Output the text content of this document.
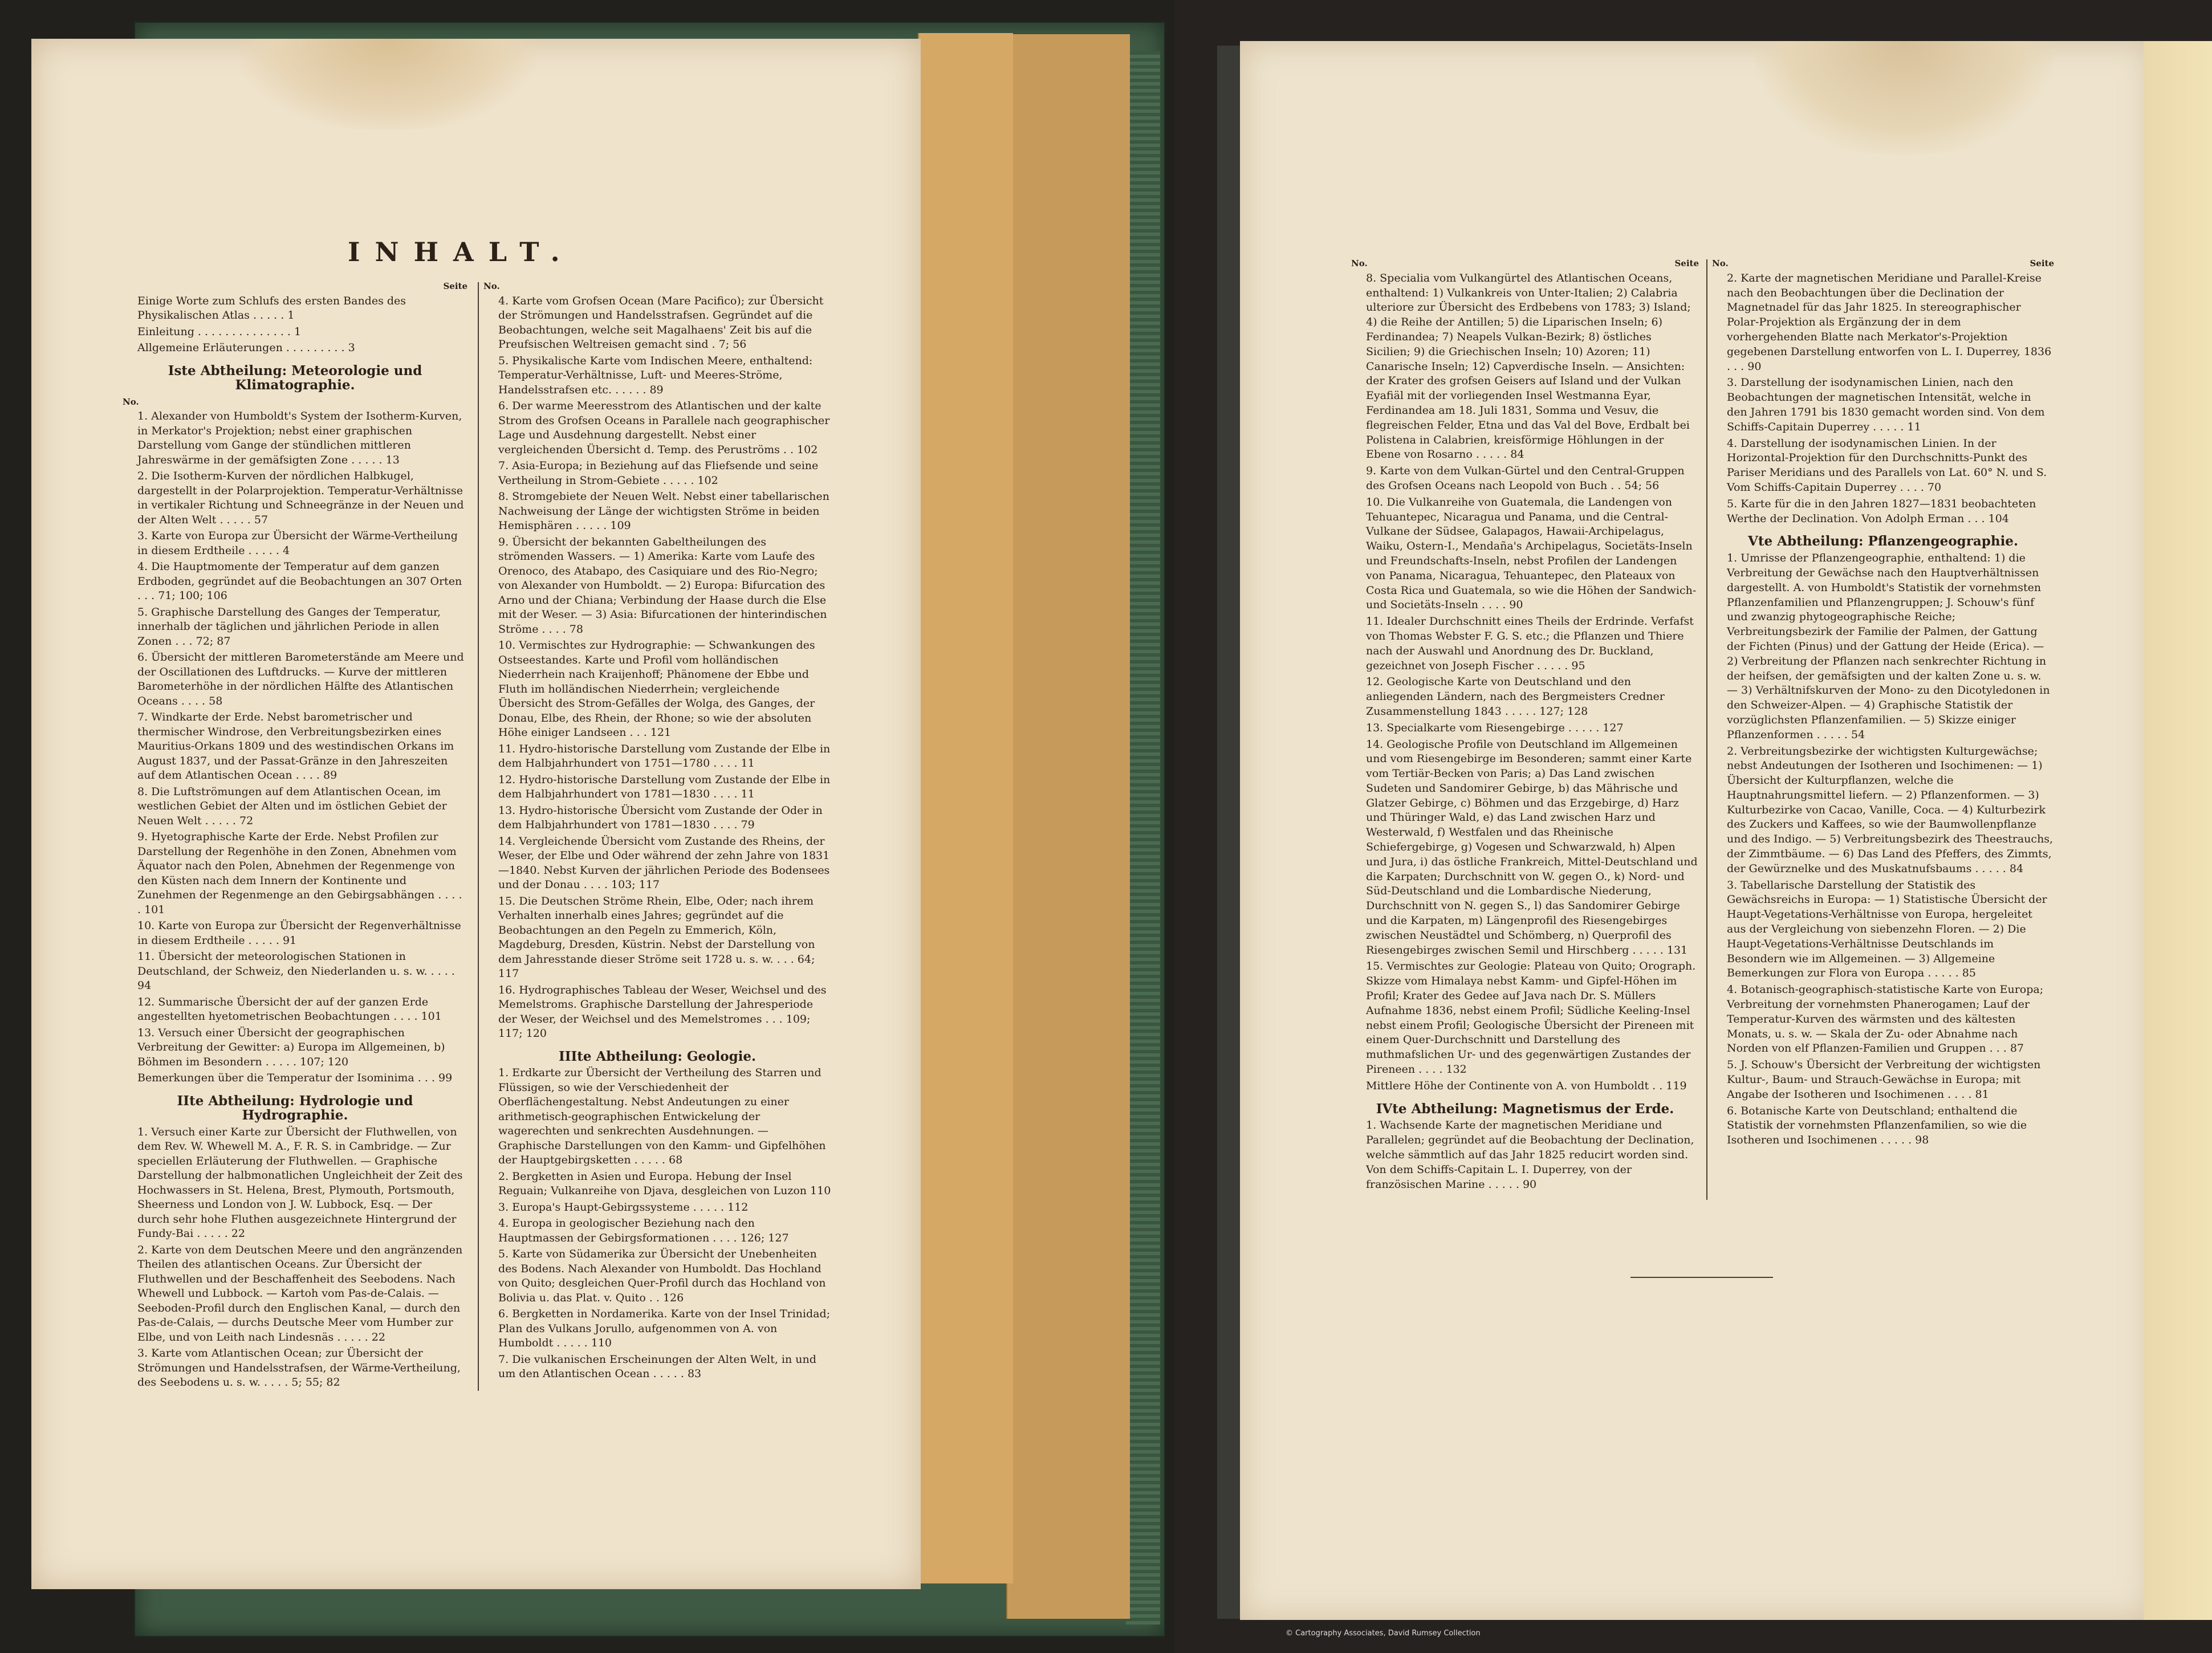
INHALT.
Seite

Einige Worte zum Schlufs des ersten Bandes des Physikalischen Atlas . . . . . 1

Einleitung . . . . . . . . . . . . . . 1

Allgemeine Erläuterungen . . . . . . . . . 3

Iste Abtheilung: Meteorologie und Klimatographie.
No.

1. Alexander von Humboldt's System der Isotherm-Kurven, in Merkator's Projektion; nebst einer graphischen Darstellung vom Gange der stündlichen mittleren Jahreswärme in der gemäfsigten Zone . . . . . 13

2. Die Isotherm-Kurven der nördlichen Halbkugel, dargestellt in der Polarprojektion. Temperatur-Verhältnisse in vertikaler Richtung und Schneegränze in der Neuen und der Alten Welt . . . . . 57

3. Karte von Europa zur Übersicht der Wärme-Vertheilung in diesem Erdtheile . . . . . 4

4. Die Hauptmomente der Temperatur auf dem ganzen Erdboden, gegründet auf die Beobachtungen an 307 Orten . . . 71; 100; 106

5. Graphische Darstellung des Ganges der Temperatur, innerhalb der täglichen und jährlichen Periode in allen Zonen . . . 72; 87

6. Übersicht der mittleren Barometerstände am Meere und der Oscillationen des Luftdrucks. — Kurve der mittleren Barometerhöhe in der nördlichen Hälfte des Atlantischen Oceans . . . . 58

7. Windkarte der Erde. Nebst barometrischer und thermischer Windrose, den Verbreitungsbezirken eines Mauritius-Orkans 1809 und des westindischen Orkans im August 1837, und der Passat-Gränze in den Jahreszeiten auf dem Atlantischen Ocean . . . . 89

8. Die Luftströmungen auf dem Atlantischen Ocean, im westlichen Gebiet der Alten und im östlichen Gebiet der Neuen Welt . . . . . 72

9. Hyetographische Karte der Erde. Nebst Profilen zur Darstellung der Regenhöhe in den Zonen, Abnehmen vom Äquator nach den Polen, Abnehmen der Regenmenge von den Küsten nach dem Innern der Kontinente und Zunehmen der Regenmenge an den Gebirgsabhängen . . . . . 101

10. Karte von Europa zur Übersicht der Regenverhältnisse in diesem Erdtheile . . . . . 91

11. Übersicht der meteorologischen Stationen in Deutschland, der Schweiz, den Niederlanden u. s. w. . . . . 94

12. Summarische Übersicht der auf der ganzen Erde angestellten hyetometrischen Beobachtungen . . . . 101

13. Versuch einer Übersicht der geographischen Verbreitung der Gewitter: a) Europa im Allgemeinen, b) Böhmen im Besondern . . . . . 107; 120

Bemerkungen über die Temperatur der Isominima . . . 99

IIte Abtheilung: Hydrologie und Hydrographie.

1. Versuch einer Karte zur Übersicht der Fluthwellen, von dem Rev. W. Whewell M. A., F. R. S. in Cambridge. — Zur speciellen Erläuterung der Fluthwellen. — Graphische Darstellung der halbmonatlichen Ungleichheit der Zeit des Hochwassers in St. Helena, Brest, Plymouth, Portsmouth, Sheerness und London von J. W. Lubbock, Esq. — Der durch sehr hohe Fluthen ausgezeichnete Hintergrund der Fundy-Bai . . . . . 22

2. Karte von dem Deutschen Meere und den angränzenden Theilen des atlantischen Oceans. Zur Übersicht der Fluthwellen und der Beschaffenheit des Seebodens. Nach Whewell und Lubbock. — Kartoh vom Pas-de-Calais. — Seeboden-Profil durch den Englischen Kanal, — durch den Pas-de-Calais, — durchs Deutsche Meer vom Humber zur Elbe, und von Leith nach Lindesnäs . . . . . 22

3. Karte vom Atlantischen Ocean; zur Übersicht der Strömungen und Handelsstrafsen, der Wärme-Vertheilung, des Seebodens u. s. w. . . . . 5; 55; 82

No.

4. Karte vom Grofsen Ocean (Mare Pacifico); zur Übersicht der Strömungen und Handelsstrafsen. Gegründet auf die Beobachtungen, welche seit Magalhaens' Zeit bis auf die Preufsischen Weltreisen gemacht sind . 7; 56

5. Physikalische Karte vom Indischen Meere, enthaltend: Temperatur-Verhältnisse, Luft- und Meeres-Ströme, Handelsstrafsen etc. . . . . . 89

6. Der warme Meeresstrom des Atlantischen und der kalte Strom des Grofsen Oceans in Parallele nach geographischer Lage und Ausdehnung dargestellt. Nebst einer vergleichenden Übersicht d. Temp. des Peruströms . . 102

7. Asia-Europa; in Beziehung auf das Fliefsende und seine Vertheilung in Strom-Gebiete . . . . . 102

8. Stromgebiete der Neuen Welt. Nebst einer tabellarischen Nachweisung der Länge der wichtigsten Ströme in beiden Hemisphären . . . . . 109

9. Übersicht der bekannten Gabeltheilungen des strömenden Wassers. — 1) Amerika: Karte vom Laufe des Orenoco, des Atabapo, des Casiquiare und des Rio-Negro; von Alexander von Humboldt. — 2) Europa: Bifurcation des Arno und der Chiana; Verbindung der Haase durch die Else mit der Weser. — 3) Asia: Bifurcationen der hinterindischen Ströme . . . . 78

10. Vermischtes zur Hydrographie: — Schwankungen des Ostseestandes. Karte und Profil vom holländischen Niederrhein nach Kraijenhoff; Phänomene der Ebbe und Fluth im holländischen Niederrhein; vergleichende Übersicht des Strom-Gefälles der Wolga, des Ganges, der Donau, Elbe, des Rhein, der Rhone; so wie der absoluten Höhe einiger Landseen . . . 121

11. Hydro-historische Darstellung vom Zustande der Elbe in dem Halbjahrhundert von 1751—1780 . . . . 11

12. Hydro-historische Darstellung vom Zustande der Elbe in dem Halbjahrhundert von 1781—1830 . . . . 11

13. Hydro-historische Übersicht vom Zustande der Oder in dem Halbjahrhundert von 1781—1830 . . . . 79

14. Vergleichende Übersicht vom Zustande des Rheins, der Weser, der Elbe und Oder während der zehn Jahre von 1831—1840. Nebst Kurven der jährlichen Periode des Bodensees und der Donau . . . . 103; 117

15. Die Deutschen Ströme Rhein, Elbe, Oder; nach ihrem Verhalten innerhalb eines Jahres; gegründet auf die Beobachtungen an den Pegeln zu Emmerich, Köln, Magdeburg, Dresden, Küstrin. Nebst der Darstellung von dem Jahresstande dieser Ströme seit 1728 u. s. w. . . . 64; 117

16. Hydrographisches Tableau der Weser, Weichsel und des Memelstroms. Graphische Darstellung der Jahresperiode der Weser, der Weichsel und des Memelstromes . . . 109; 117; 120

IIIte Abtheilung: Geologie.

1. Erdkarte zur Übersicht der Vertheilung des Starren und Flüssigen, so wie der Verschiedenheit der Oberflächengestaltung. Nebst Andeutungen zu einer arithmetisch-geographischen Entwickelung der wagerechten und senkrechten Ausdehnungen. — Graphische Darstellungen von den Kamm- und Gipfelhöhen der Hauptgebirgsketten . . . . . 68

2. Bergketten in Asien und Europa. Hebung der Insel Reguain; Vulkanreihe von Djava, desgleichen von Luzon 110

3. Europa's Haupt-Gebirgssysteme . . . . . 112

4. Europa in geologischer Beziehung nach den Hauptmassen der Gebirgsformationen . . . . 126; 127

5. Karte von Südamerika zur Übersicht der Unebenheiten des Bodens. Nach Alexander von Humboldt. Das Hochland von Quito; desgleichen Quer-Profil durch das Hochland von Bolivia u. das Plat. v. Quito . . 126

6. Bergketten in Nordamerika. Karte von der Insel Trinidad; Plan des Vulkans Jorullo, aufgenommen von A. von Humboldt . . . . . 110

7. Die vulkanischen Erscheinungen der Alten Welt, in und um den Atlantischen Ocean . . . . . 83

No.	Seite

8. Specialia vom Vulkangürtel des Atlantischen Oceans, enthaltend: 1) Vulkankreis von Unter-Italien; 2) Calabria ulteriore zur Übersicht des Erdbebens von 1783; 3) Island; 4) die Reihe der Antillen; 5) die Liparischen Inseln; 6) Ferdinandea; 7) Neapels Vulkan-Bezirk; 8) östliches Sicilien; 9) die Griechischen Inseln; 10) Azoren; 11) Canarische Inseln; 12) Capverdische Inseln. — Ansichten: der Krater des grofsen Geisers auf Island und der Vulkan Eyafiäl mit der vorliegenden Insel Westmanna Eyar, Ferdinandea am 18. Juli 1831, Somma und Vesuv, die flegreischen Felder, Etna und das Val del Bove, Erdbalt bei Polistena in Calabrien, kreisförmige Höhlungen in der Ebene von Rosarno . . . . . 84

9. Karte von dem Vulkan-Gürtel und den Central-Gruppen des Grofsen Oceans nach Leopold von Buch . . 54; 56

10. Die Vulkanreihe von Guatemala, die Landengen von Tehuantepec, Nicaragua und Panama, und die Central-Vulkane der Südsee, Galapagos, Hawaii-Archipelagus, Waiku, Ostern-I., Mendaña's Archipelagus, Societäts-Inseln und Freundschafts-Inseln, nebst Profilen der Landengen von Panama, Nicaragua, Tehuantepec, den Plateaux von Costa Rica und Guatemala, so wie die Höhen der Sandwich- und Societäts-Inseln . . . . 90

11. Idealer Durchschnitt eines Theils der Erdrinde. Verfafst von Thomas Webster F. G. S. etc.; die Pflanzen und Thiere nach der Auswahl und Anordnung des Dr. Buckland, gezeichnet von Joseph Fischer . . . . . 95

12. Geologische Karte von Deutschland und den anliegenden Ländern, nach des Bergmeisters Credner Zusammenstellung 1843 . . . . . 127; 128

13. Specialkarte vom Riesengebirge . . . . . 127

14. Geologische Profile von Deutschland im Allgemeinen und vom Riesengebirge im Besonderen; sammt einer Karte vom Tertiär-Becken von Paris; a) Das Land zwischen Sudeten und Sandomirer Gebirge, b) das Mährische und Glatzer Gebirge, c) Böhmen und das Erzgebirge, d) Harz und Thüringer Wald, e) das Land zwischen Harz und Westerwald, f) Westfalen und das Rheinische Schiefergebirge, g) Vogesen und Schwarzwald, h) Alpen und Jura, i) das östliche Frankreich, Mittel-Deutschland und die Karpaten; Durchschnitt von W. gegen O., k) Nord- und Süd-Deutschland und die Lombardische Niederung, Durchschnitt von N. gegen S., l) das Sandomirer Gebirge und die Karpaten, m) Längenprofil des Riesengebirges zwischen Neustädtel und Schömberg, n) Querprofil des Riesengebirges zwischen Semil und Hirschberg . . . . . 131

15. Vermischtes zur Geologie: Plateau von Quito; Orograph. Skizze vom Himalaya nebst Kamm- und Gipfel-Höhen im Profil; Krater des Gedee auf Java nach Dr. S. Müllers Aufnahme 1836, nebst einem Profil; Südliche Keeling-Insel nebst einem Profil; Geologische Übersicht der Pireneen mit einem Quer-Durchschnitt und Darstellung des muthmafslichen Ur- und des gegenwärtigen Zustandes der Pireneen . . . . 132

Mittlere Höhe der Continente von A. von Humboldt . . 119

IVte Abtheilung: Magnetismus der Erde.

1. Wachsende Karte der magnetischen Meridiane und Parallelen; gegründet auf die Beobachtung der Declination, welche sämmtlich auf das Jahr 1825 reducirt worden sind. Von dem Schiffs-Capitain L. I. Duperrey, von der französischen Marine . . . . . 90

No.	Seite

2. Karte der magnetischen Meridiane und Parallel-Kreise nach den Beobachtungen über die Declination der Magnetnadel für das Jahr 1825. In stereographischer Polar-Projektion als Ergänzung der in dem vorhergehenden Blatte nach Merkator's-Projektion gegebenen Darstellung entworfen von L. I. Duperrey, 1836 . . . 90

3. Darstellung der isodynamischen Linien, nach den Beobachtungen der magnetischen Intensität, welche in den Jahren 1791 bis 1830 gemacht worden sind. Von dem Schiffs-Capitain Duperrey . . . . . 11

4. Darstellung der isodynamischen Linien. In der Horizontal-Projektion für den Durchschnitts-Punkt des Pariser Meridians und des Parallels von Lat. 60° N. und S. Vom Schiffs-Capitain Duperrey . . . . 70

5. Karte für die in den Jahren 1827—1831 beobachteten Werthe der Declination. Von Adolph Erman . . . 104

Vte Abtheilung: Pflanzengeographie.

1. Umrisse der Pflanzengeographie, enthaltend: 1) die Verbreitung der Gewächse nach den Hauptverhältnissen dargestellt. A. von Humboldt's Statistik der vornehmsten Pflanzenfamilien und Pflanzengruppen; J. Schouw's fünf und zwanzig phytogeographische Reiche; Verbreitungsbezirk der Familie der Palmen, der Gattung der Fichten (Pinus) und der Gattung der Heide (Erica). — 2) Verbreitung der Pflanzen nach senkrechter Richtung in der heifsen, der gemäfsigten und der kalten Zone u. s. w. — 3) Verhältnifskurven der Mono- zu den Dicotyledonen in den Schweizer-Alpen. — 4) Graphische Statistik der vorzüglichsten Pflanzenfamilien. — 5) Skizze einiger Pflanzenformen . . . . . 54

2. Verbreitungsbezirke der wichtigsten Kulturgewächse; nebst Andeutungen der Isotheren und Isochimenen: — 1) Übersicht der Kulturpflanzen, welche die Hauptnahrungsmittel liefern. — 2) Pflanzenformen. — 3) Kulturbezirke von Cacao, Vanille, Coca. — 4) Kulturbezirk des Zuckers und Kaffees, so wie der Baumwollenpflanze und des Indigo. — 5) Verbreitungsbezirk des Theestrauchs, der Zimmtbäume. — 6) Das Land des Pfeffers, des Zimmts, der Gewürznelke und des Muskatnufsbaums . . . . . 84

3. Tabellarische Darstellung der Statistik des Gewächsreichs in Europa: — 1) Statistische Übersicht der Haupt-Vegetations-Verhältnisse von Europa, hergeleitet aus der Vergleichung von siebenzehn Floren. — 2) Die Haupt-Vegetations-Verhältnisse Deutschlands im Besondern wie im Allgemeinen. — 3) Allgemeine Bemerkungen zur Flora von Europa . . . . . 85

4. Botanisch-geographisch-statistische Karte von Europa; Verbreitung der vornehmsten Phanerogamen; Lauf der Temperatur-Kurven des wärmsten und des kältesten Monats, u. s. w. — Skala der Zu- oder Abnahme nach Norden von elf Pflanzen-Familien und Gruppen . . . 87

5. J. Schouw's Übersicht der Verbreitung der wichtigsten Kultur-, Baum- und Strauch-Gewächse in Europa; mit Angabe der Isotheren und Isochimenen . . . . 81

6. Botanische Karte von Deutschland; enthaltend die Statistik der vornehmsten Pflanzenfamilien, so wie die Isotheren und Isochimenen . . . . . 98

© Cartography Associates, David Rumsey Collection
